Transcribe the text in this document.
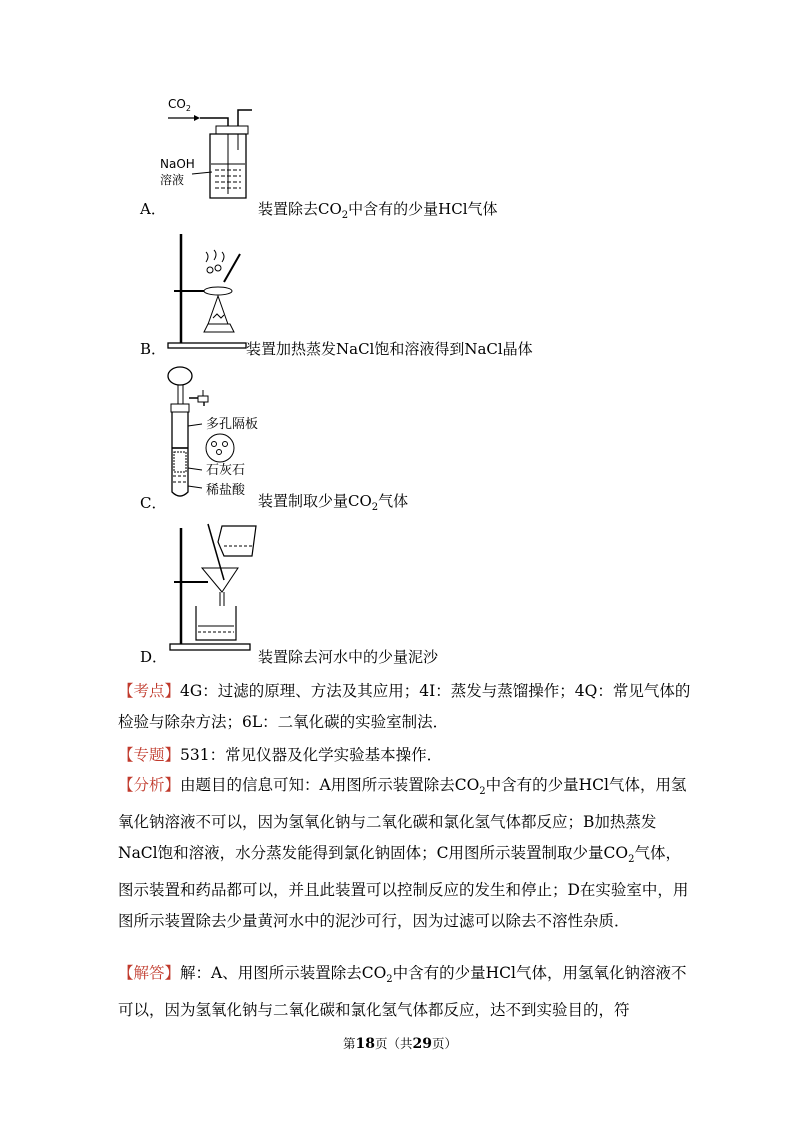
$CO_2$
NaOH
溶液
A．	装置除去$CO_2$中含有的少量HCl气体
B．	装置加热蒸发NaCl饱和溶液得到NaCl晶体
多孔隔板
石灰石
稀盐酸
C．	装置制取少量$CO_2$气体
D．	装置除去河水中的少量泥沙
【考点】4G：过滤的原理、方法及其应用；4I：蒸发与蒸馏操作；4Q：常见气体的检验与除杂方法；6L：二氧化碳的实验室制法．
【专题】531：常见仪器及化学实验基本操作．
【分析】由题目的信息可知：A用图所示装置除去$CO_2$中含有的少量HCl气体，用氢氧化钠溶液不可以，因为氢氧化钠与二氧化碳和氯化氢气体都反应；B加热蒸发NaCl饱和溶液，水分蒸发能得到氯化钠固体；C用图所示装置制取少量$CO_2$气体，图示装置和药品都可以，并且此装置可以控制反应的发生和停止；D在实验室中，用图所示装置除去少量黄河水中的泥沙可行，因为过滤可以除去不溶性杂质．
【解答】解：A、用图所示装置除去$CO_2$中含有的少量HCl气体，用氢氧化钠溶液不可以，因为氢氧化钠与二氧化碳和氯化氢气体都反应，达不到实验目的，符
第18页（共29页）
